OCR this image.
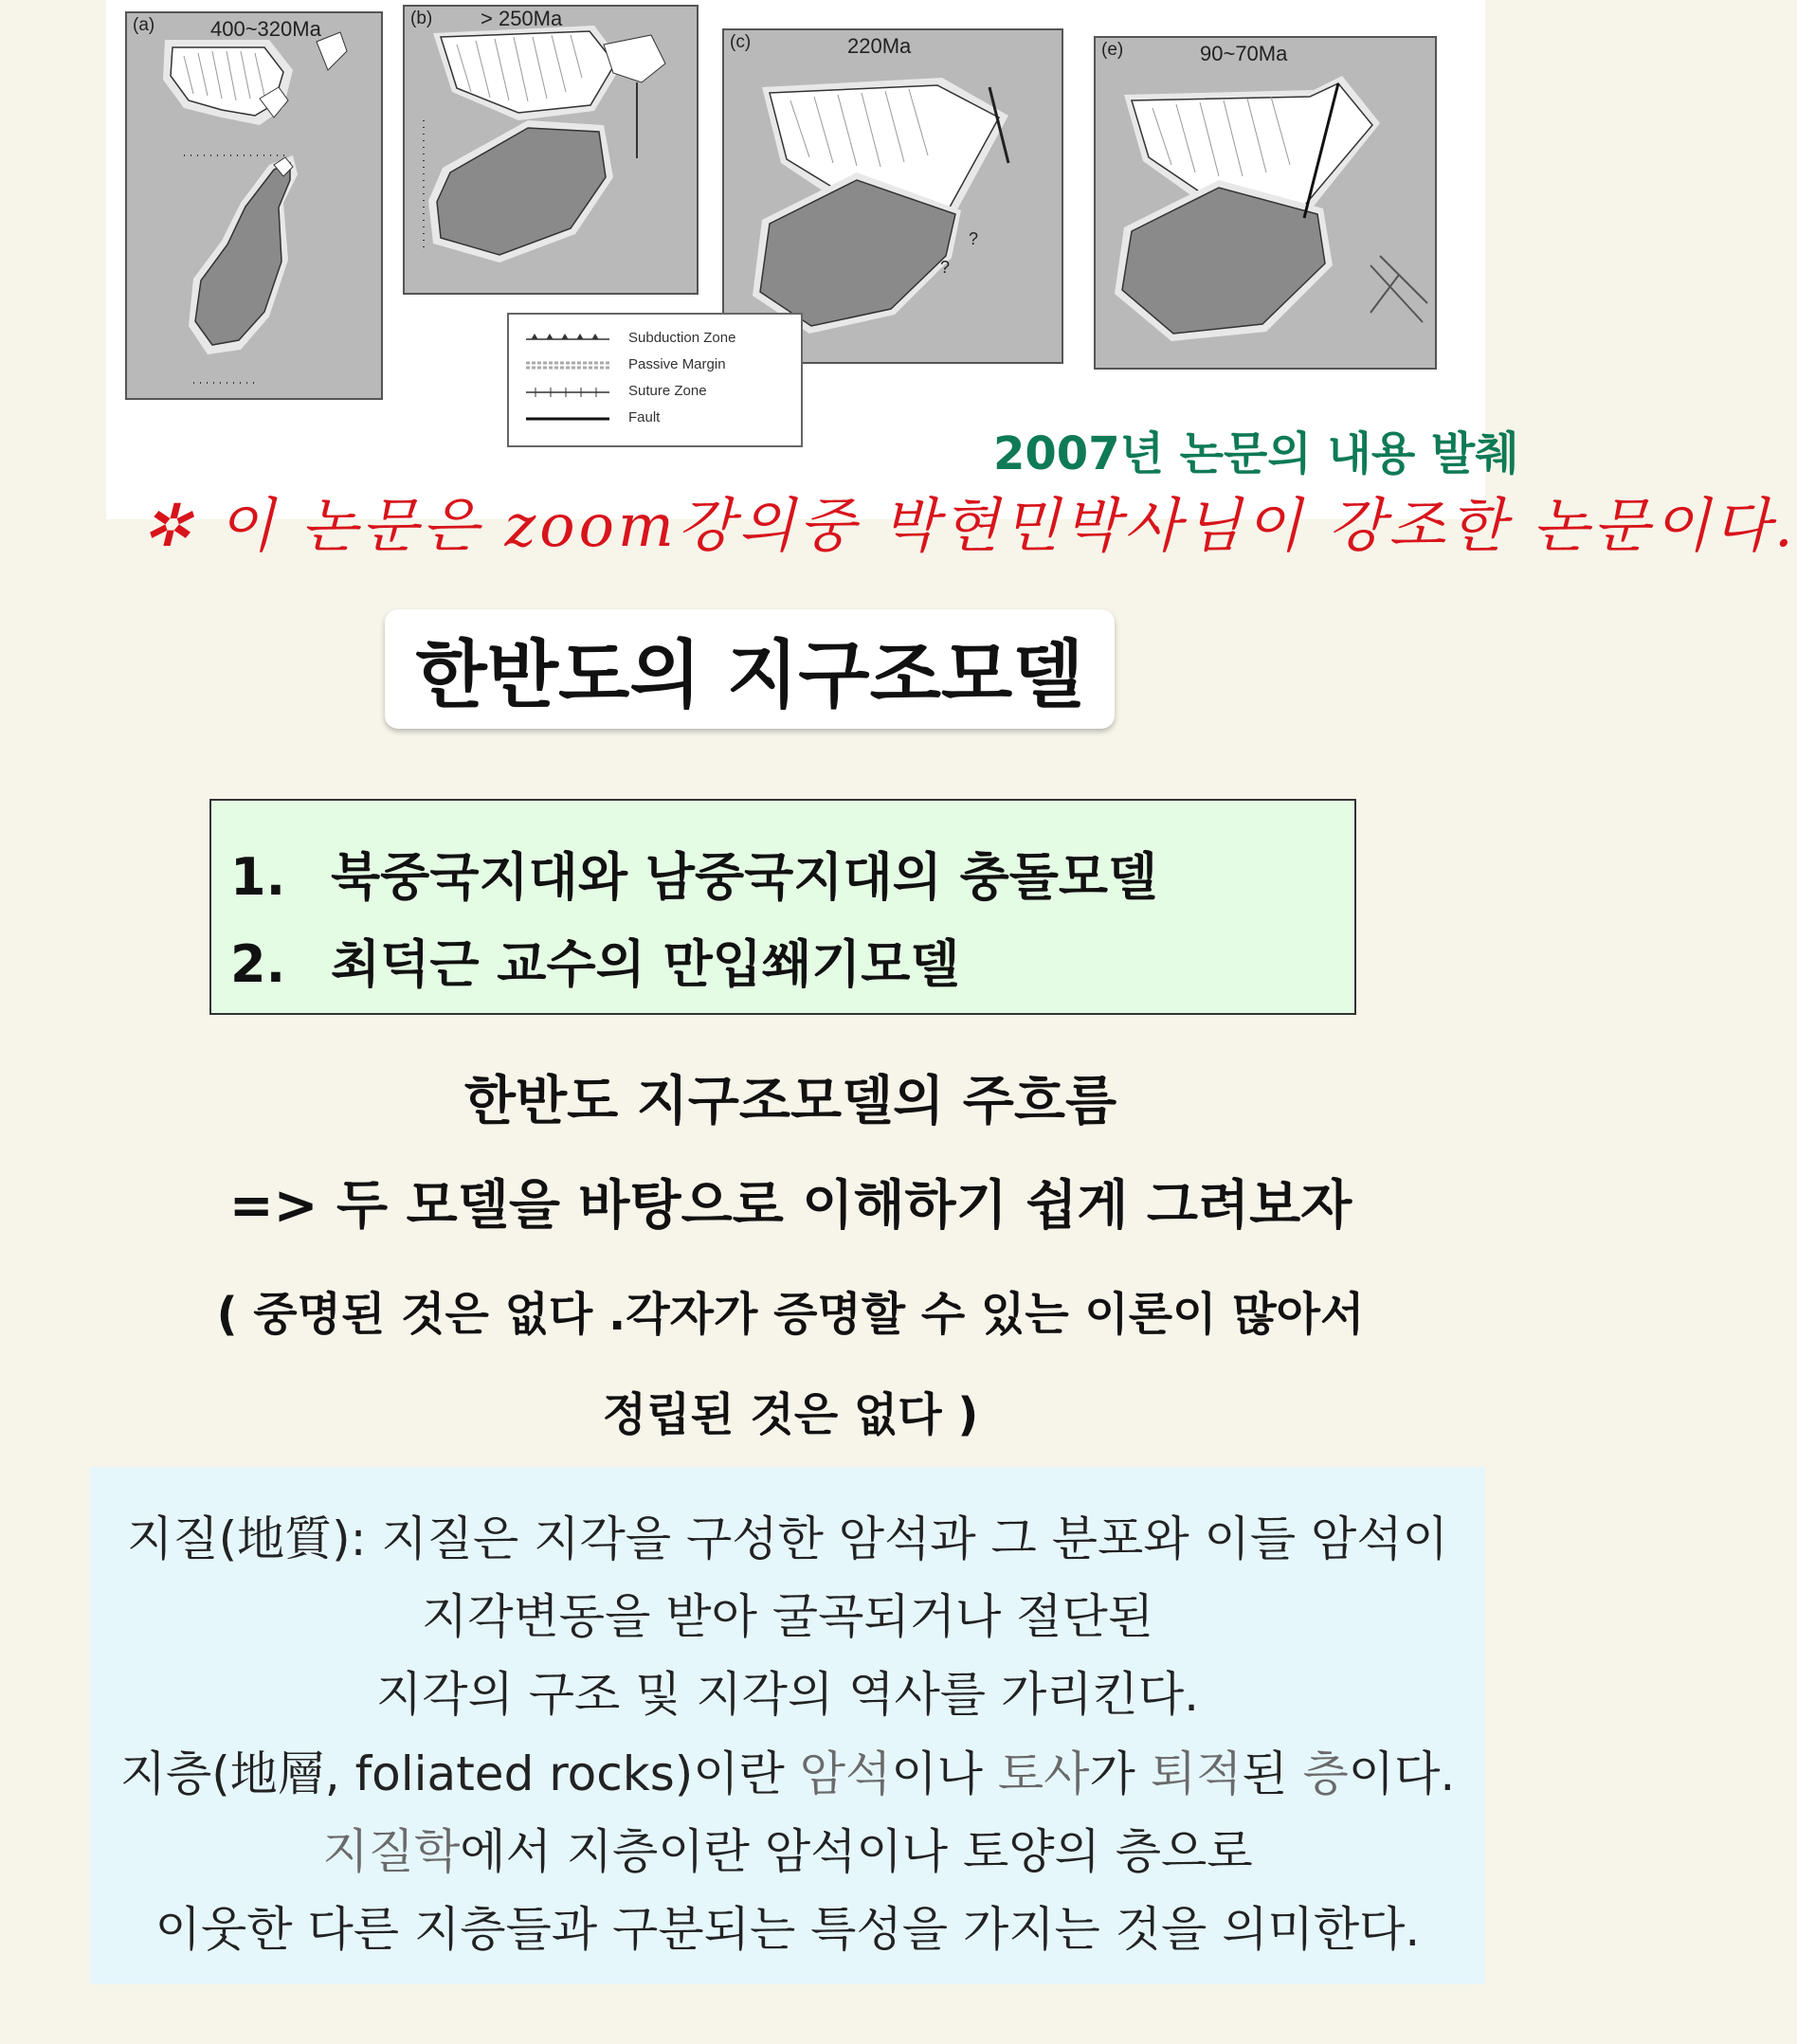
(a)	400~320Ma	(b) > 250Ma
(c)	220Ma
?
?
Subduction Zone
Passive Margin
Suture Zone
Fault
(e)	90~70Ma
2007년 논문의 내용 발췌
✲ 이 논문은 zoom강의중 박현민박사님이 강조한 논문이다.
한반도의 지구조모델
1. 북중국지대와 남중국지대의 충돌모델
2. 최덕근 교수의 만입쐐기모델
한반도 지구조모델의 주흐름
=> 두 모델을 바탕으로 이해하기 쉽게 그려보자
( 중명된 것은 없다 .각자가 증명할 수 있는 이론이 많아서
정립된 것은 없다 )
지질(地質): 지질은 지각을 구성한 암석과 그 분포와 이들 암석이
지각변동을 받아 굴곡되거나 절단된
지각의 구조 및 지각의 역사를 가리킨다.
지층(地層, foliated rocks)이란 암석이나 토사가 퇴적된 층이다.
지질학에서 지층이란 암석이나 토양의 층으로
이웃한 다른 지층들과 구분되는 특성을 가지는 것을 의미한다.
